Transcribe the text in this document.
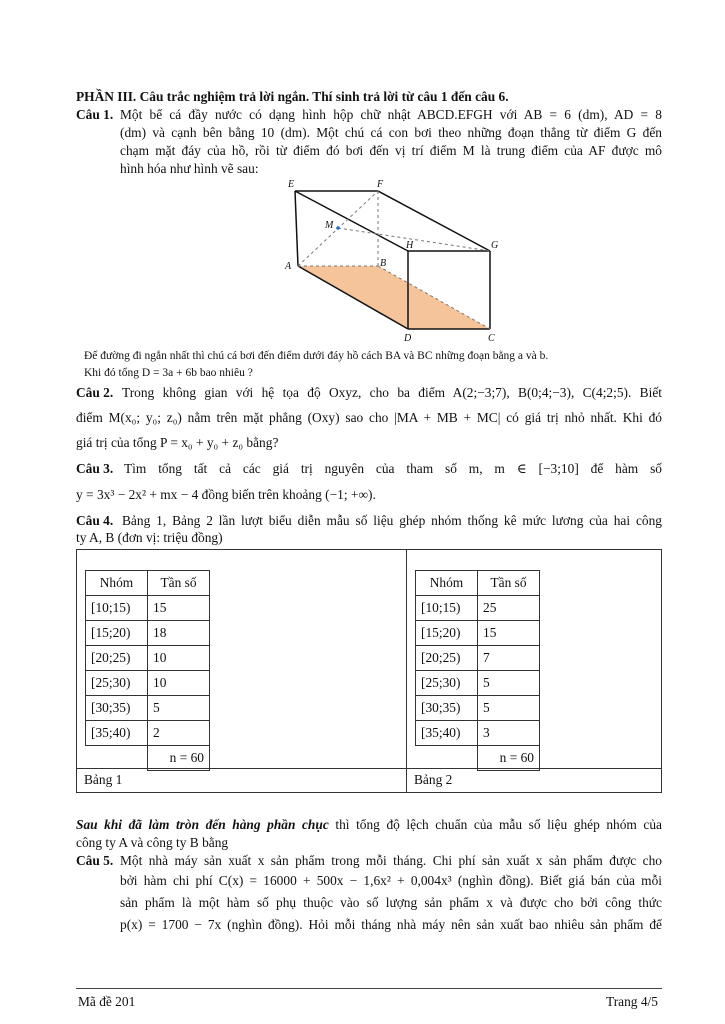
PHẦN III. Câu trắc nghiệm trả lời ngắn. Thí sinh trả lời từ câu 1 đến câu 6.
Câu 1. Một bể cá đầy nước có dạng hình hộp chữ nhật ABCD.EFGH với AB = 6 (dm), AD = 8
(dm) và cạnh bên bằng 10 (dm). Một chú cá con bơi theo những đoạn thẳng từ điểm G đến
chạm mặt đáy của hồ, rồi từ điểm đó bơi đến vị trí điểm M là trung điểm của AF được mô
hình hóa như hình vẽ sau:
E	F
M
H	G
A	B
D	C
Để đường đi ngắn nhất thì chú cá bơi đến điểm dưới đáy hồ cách BA và BC những đoạn bằng a và b.
Khi đó tổng D = 3a + 6b bao nhiêu ?
Câu 2. Trong không gian với hệ tọa độ Oxyz, cho ba điểm A(2;−3;7), B(0;4;−3), C(4;2;5). Biết
điểm M(x₀; y₀; z₀) nằm trên mặt phẳng (Oxy) sao cho |MA + MB + MC| có giá trị nhỏ nhất. Khi đó
giá trị của tổng P = x₀ + y₀ + z₀ bằng?
Câu 3. Tìm tổng tất cả các giá trị nguyên của tham số m, m ∈ [−3;10] để hàm số
y = 3x³ − 2x² + mx − 4 đồng biến trên khoảng (−1; +∞).
Câu 4. Bảng 1, Bảng 2 lần lượt biểu diễn mẫu số liệu ghép nhóm thống kê mức lương của hai công
ty A, B (đơn vị: triệu đồng)
Nhóm	Tần số
[10;15)	15
[15;20)	18
[20;25)	10
[25;30)	10
[30;35)	5
[35;40)	2
	n = 60
Nhóm	Tần số
[10;15)	25
[15;20)	15
[20;25)	7
[25;30)	5
[30;35)	5
[35;40)	3
	n = 60
Bảng 1	Bảng 2
Sau khi đã làm tròn đến hàng phần chục thì tổng độ lệch chuẩn của mẫu số liệu ghép nhóm của
công ty A và công ty B bằng
Câu 5. Một nhà máy sản xuất x sản phẩm trong mỗi tháng. Chi phí sản xuất x sản phẩm được cho
bởi hàm chi phí C(x) = 16000 + 500x − 1,6x² + 0,004x³ (nghìn đồng). Biết giá bán của mỗi
sản phẩm là một hàm số phụ thuộc vào số lượng sản phẩm x và được cho bởi công thức
p(x) = 1700 − 7x (nghìn đồng). Hỏi mỗi tháng nhà máy nên sản xuất bao nhiêu sản phẩm để
Mã đề 201	Trang 4/5
